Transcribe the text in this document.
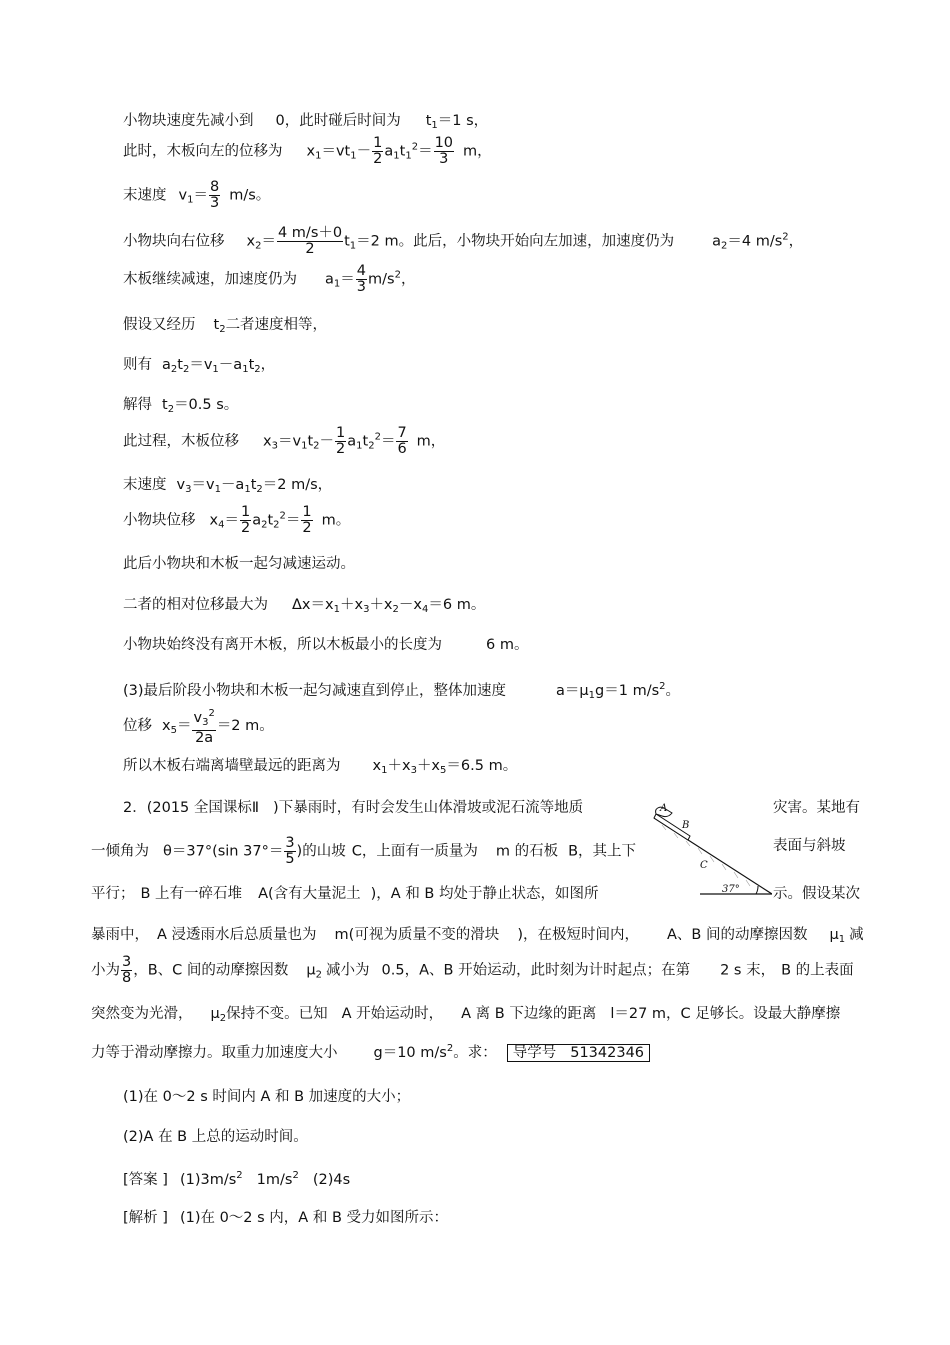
小物块速度先减小到 0，此时碰后时间为 $t_1=1$ s，
此时，木板向左的位移为 $x_1=vt_1- \frac{1}{2} a_1t_1^2= \frac{10}{3}$ m，
末速度 $v_1= \frac{8}{3} m/s$。
小物块向右位移 $x_2= \frac{4 m/s+0}{2} t_1=2$ m。此后，小物块开始向左加速，加速度仍为	$a_2=4$ $m/s^2$，
木板继续减速，加速度仍为 $a_1= \frac{4}{3} m/s^2$，
假设又经历 $t_2$二者速度相等，
则有 $a_2t_2=v_1-a_1t_2$，
解得 $t_2=0.5$ s。
此过程，木板位移 $x_3=v_1t_2- \frac{1}{2} a_1t_2^2= \frac{7}{6}$ m，
末速度 $v_3=v_1-a_1t_2=2$ m/s，
小物块位移 $x_4= \frac{1}{2} a_2t_2^2= \frac{1}{2}$ m。
此后小物块和木板一起匀减速运动。
二者的相对位移最大为 $\Delta x=x_1+x_3+x_2-x_4=6$ m。
小物块始终没有离开木板，所以木板最小的长度为	6 m。
(3)最后阶段小物块和木板一起匀减速直到停止，整体加速度	$a=\mu_1g=1$ $m/s^2$。
位移 $x_5= \frac{v_3^2}{2a} =2$ m。
所以木板右端离墙壁最远的距离为 $x_1+x_3+x_5=6.5$ m。
2．(2015 全国课标Ⅱ )下暴雨时，有时会发生山体滑坡或泥石流等地质	灾害。某地有
一倾角为 θ＝37°(sin $37^\circ= \frac{3}{5}$ )的山坡 C，上面有一质量为 m 的石板 B，其上下	表面与斜坡
平行； B 上有一碎石堆 A(含有大量泥土 )，A 和 B 均处于静止状态，如图所	示。假设某次
暴雨中， A 浸透雨水后总质量也为 m(可视为质量不变的滑块 )，在极短时间内， A、B 间的动摩擦因数 $\mu_1$ 减
小为 $\frac{3}{8}$ ，B、C 间的动摩擦因数 $\mu_2$ 减小为 0.5，A、B 开始运动，此时刻为计时起点；在第 2 s 末， B 的上表面
突然变为光滑， $\mu_2$保持不变。已知 A 开始运动时， A 离 B 下边缘的距离 l＝27 m，C 足够长。设最大静摩擦
力等于滑动摩擦力。取重力加速度大小 g＝10 $m/s^2$。求： 导学号 51342346
(1)在 0～2 s 时间内 A 和 B 加速度的大小；
(2)A 在 B 上总的运动时间。
[答案 ] $(1)3m/s^2$ $1m/s^2$ (2)4s
[解析 ] (1)在 0～2 s 内，A 和 B 受力如图所示：
A
B
C
37°
